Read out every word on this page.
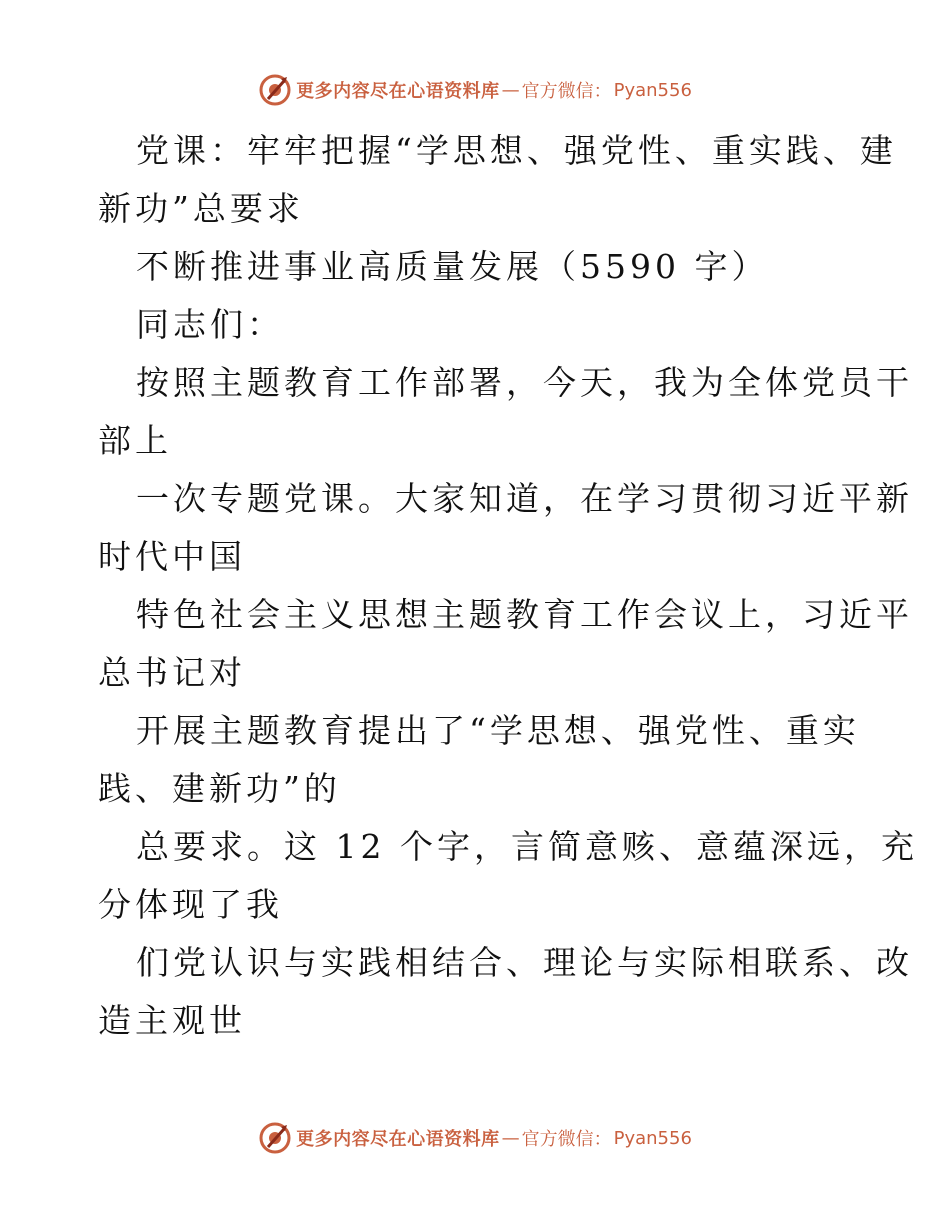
更多内容尽在心语资料库 — 官方微信： Pyan556
党课：牢牢把握“学思想、强党性、重实践、建
新功”总要求
不断推进事业高质量发展（5590 字）
同志们：
按照主题教育工作部署，今天，我为全体党员干
部上
一次专题党课。大家知道，在学习贯彻习近平新
时代中国
特色社会主义思想主题教育工作会议上，习近平
总书记对
开展主题教育提出了“学思想、强党性、重实
践、建新功”的
总要求。这 12 个字，言简意赅、意蕴深远，充
分体现了我
们党认识与实践相结合、理论与实际相联系、改
造主观世
更多内容尽在心语资料库 — 官方微信： Pyan556
